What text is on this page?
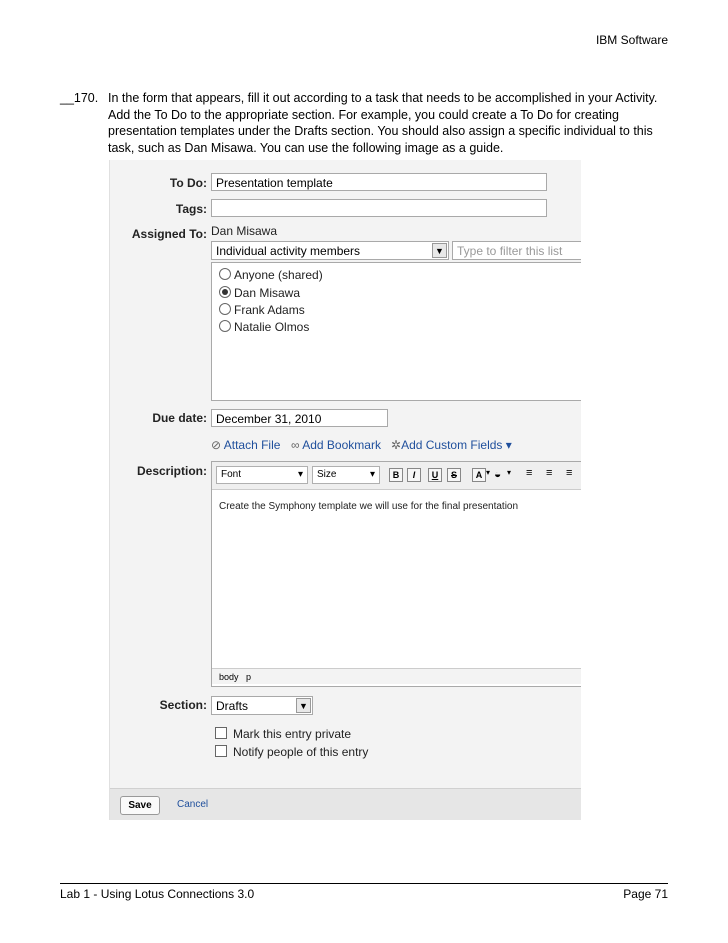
IBM Software
__170. In the form that appears, fill it out according to a task that needs to be accomplished in your Activity. Add the To Do to the appropriate section. For example, you could create a To Do for creating presentation templates under the Drafts section. You should also assign a specific individual to this task, such as Dan Misawa. You can use the following image as a guide.
To Do: Presentation template
Tags:
Assigned To: Dan Misawa
Individual activity members	▼	Type to filter this list
Anyone (shared)
Dan Misawa
Frank Adams
Natalie Olmos
Due date: December 31, 2010
⊘ Attach File ∞ Add Bookmark ✲Add Custom Fields ▾
Description:	Font	▾	Size	▾	B	I	U	S	A ▾ ◒ ▾ ≡ ≡ ≡
Create the Symphony template we will use for the final presentation
body   p
Section: Drafts	▼
Mark this entry private
Notify people of this entry
Save	Cancel
Lab 1 - Using Lotus Connections 3.0	Page 71
